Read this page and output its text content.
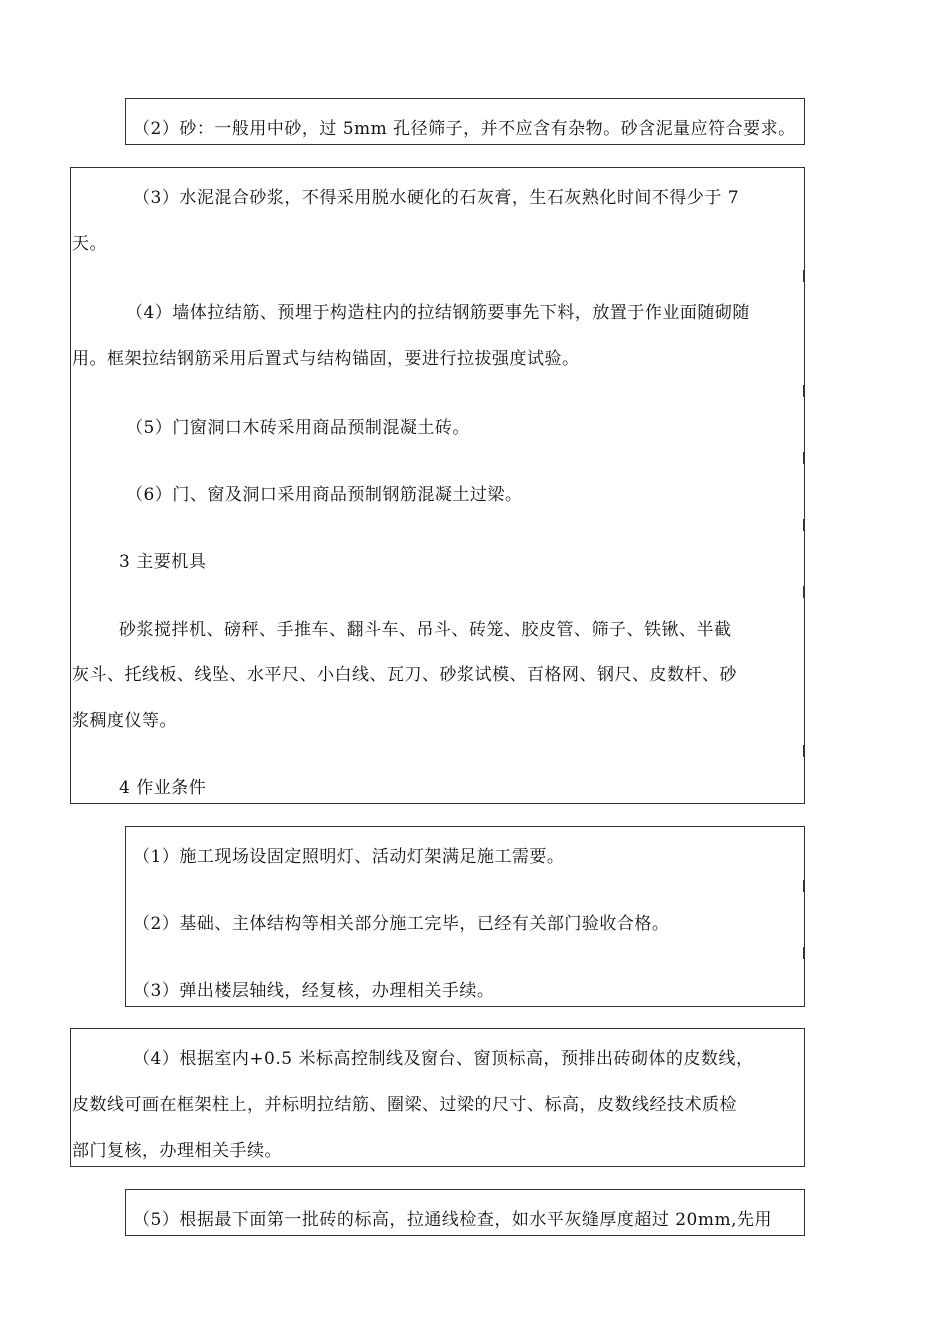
（2）砂：一般用中砂，过 5mm 孔径筛子，并不应含有杂物。砂含泥量应符合要求。
（3）水泥混合砂浆，不得采用脱水硬化的石灰膏，生石灰熟化时间不得少于 7
天。
（4）墙体拉结筋、预埋于构造柱内的拉结钢筋要事先下料，放置于作业面随砌随
用。框架拉结钢筋采用后置式与结构锚固，要进行拉拔强度试验。
（5）门窗洞口木砖采用商品预制混凝土砖。
（6）门、窗及洞口采用商品预制钢筋混凝土过梁。
3 主要机具
砂浆搅拌机、磅秤、手推车、翻斗车、吊斗、砖笼、胶皮管、筛子、铁锹、半截
灰斗、托线板、线坠、水平尺、小白线、瓦刀、砂浆试模、百格网、钢尺、皮数杆、砂
浆稠度仪等。
4 作业条件
（1）施工现场设固定照明灯、活动灯架满足施工需要。
（2）基础、主体结构等相关部分施工完毕，已经有关部门验收合格。
（3）弹出楼层轴线，经复核，办理相关手续。
（4）根据室内+0.5 米标高控制线及窗台、窗顶标高，预排出砖砌体的皮数线，
皮数线可画在框架柱上，并标明拉结筋、圈梁、过梁的尺寸、标高，皮数线经技术质检
部门复核，办理相关手续。
（5）根据最下面第一批砖的标高，拉通线检查，如水平灰缝厚度超过 20mm,先用
